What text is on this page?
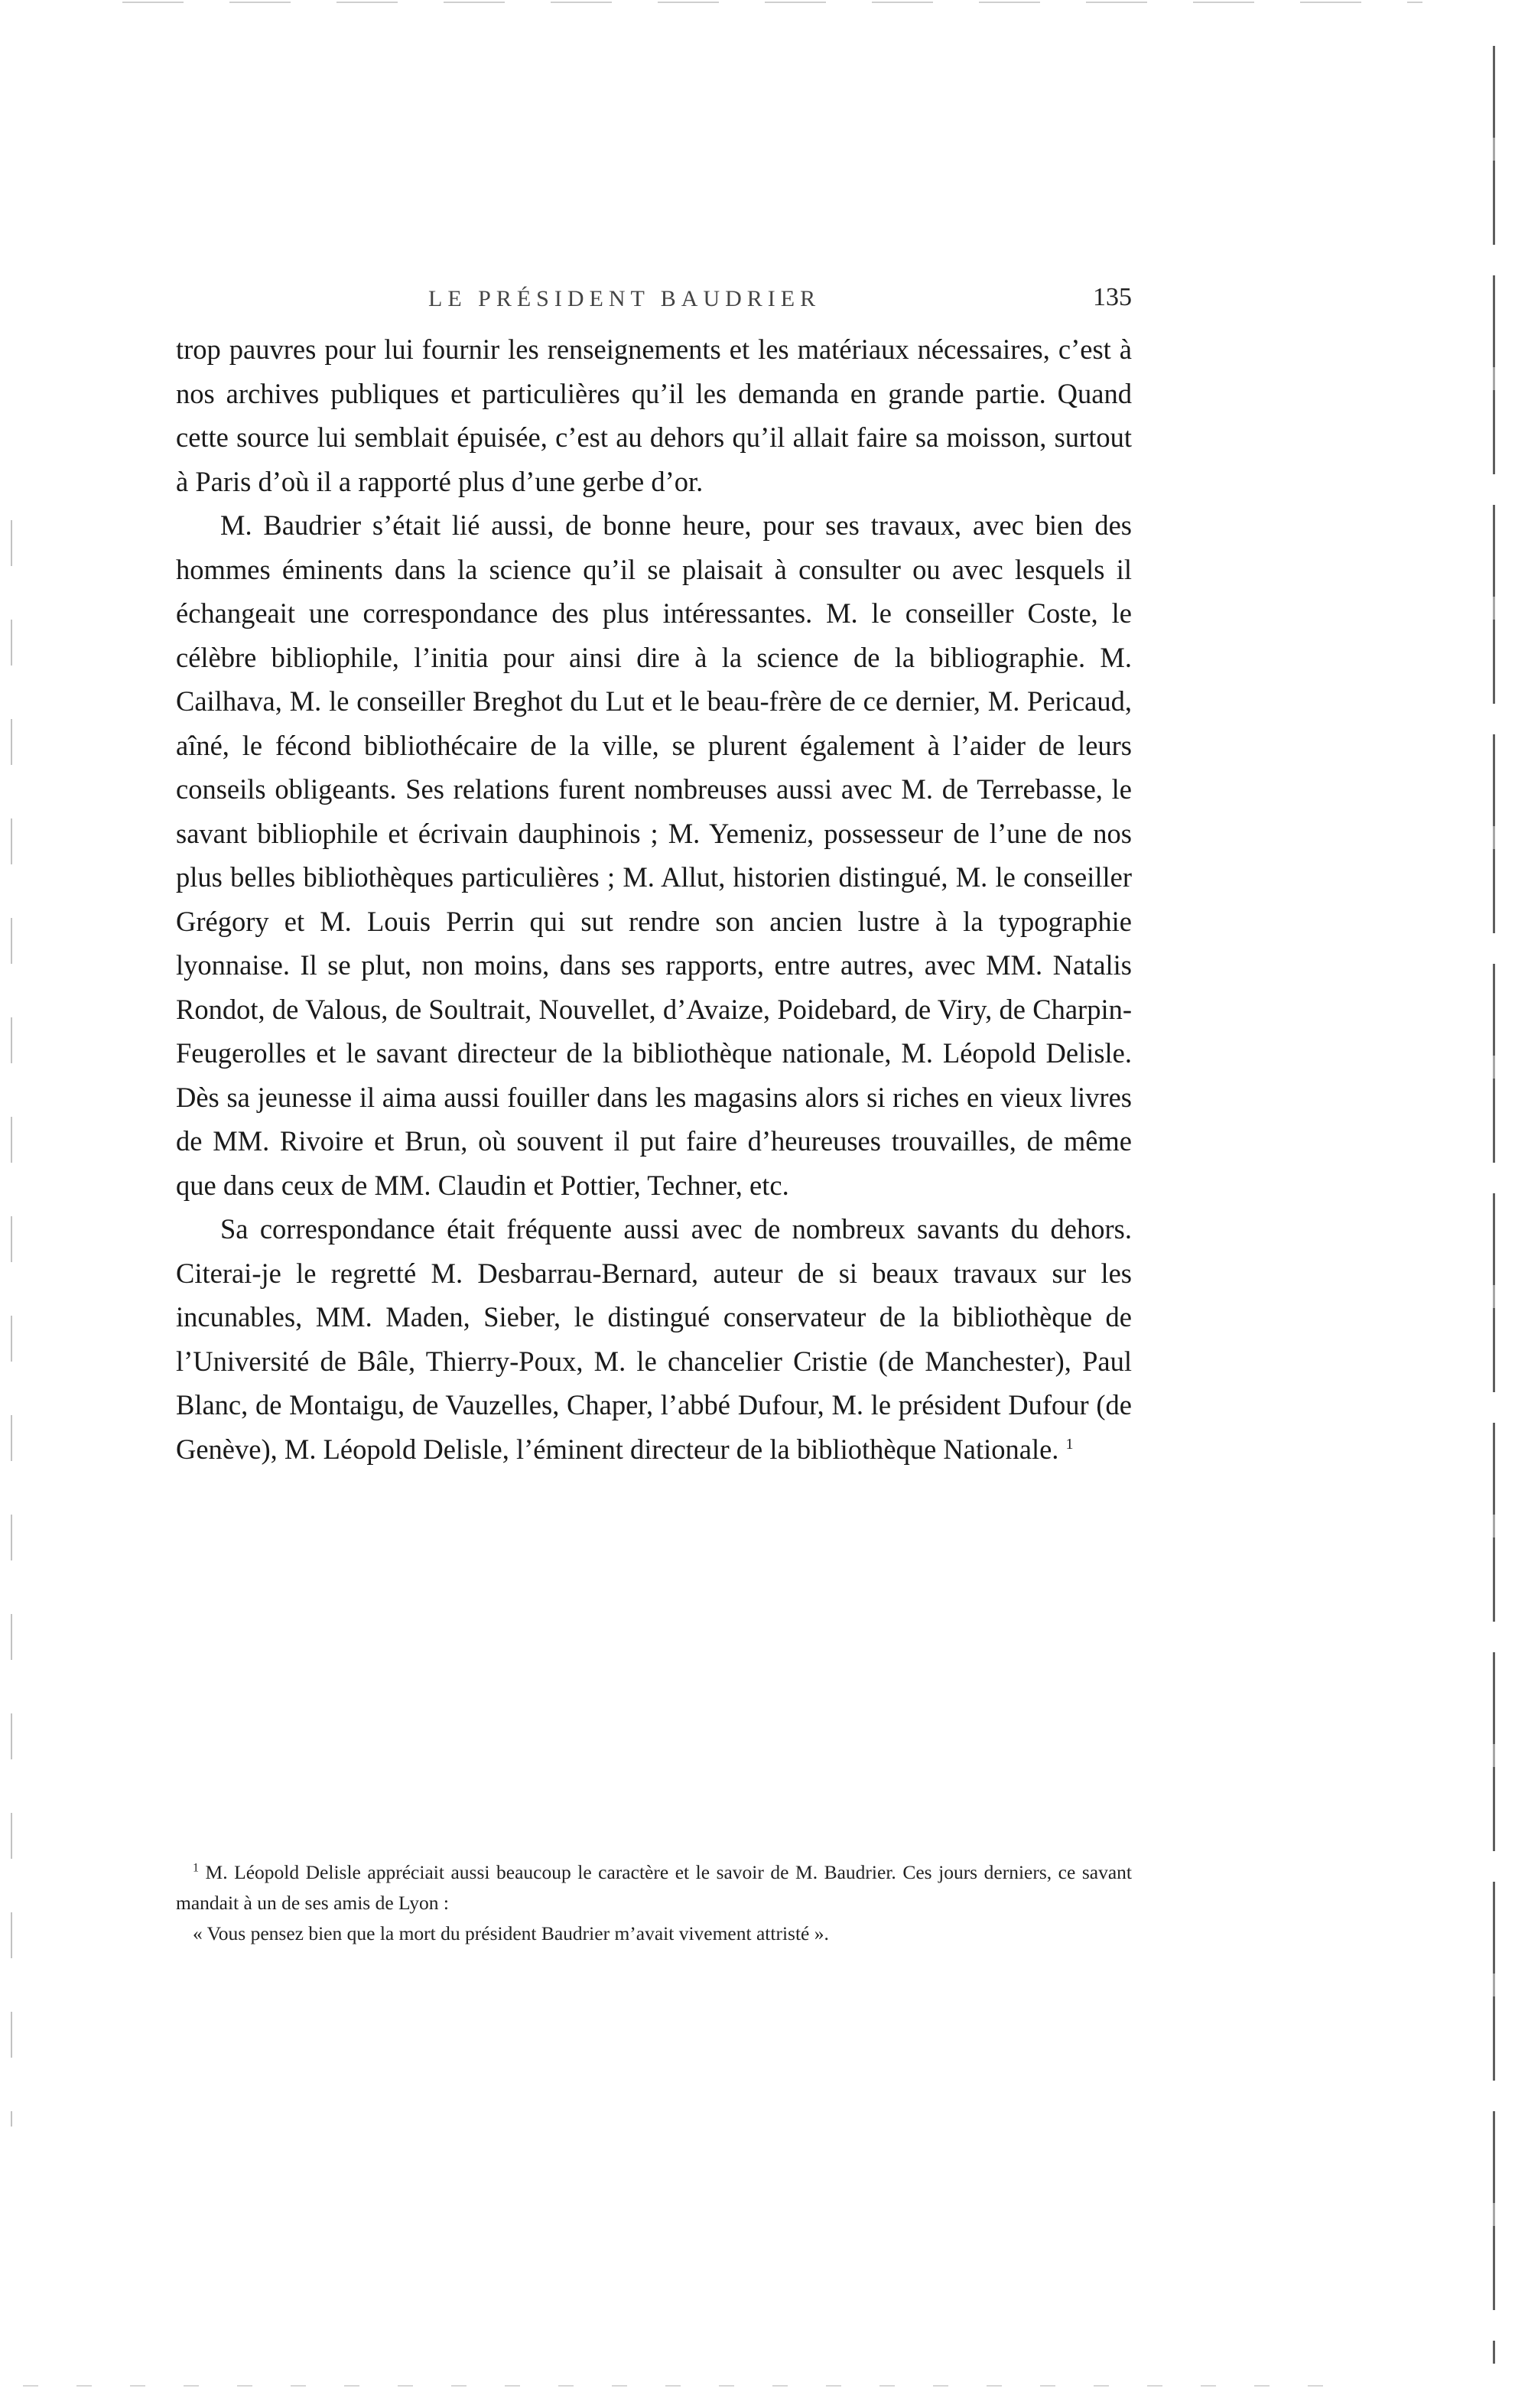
LE PRÉSIDENT BAUDRIER	135

trop pauvres pour lui fournir les renseignements et les matériaux nécessaires, c’est à nos archives publiques et particulières qu’il les demanda en grande partie. Quand cette source lui semblait épuisée, c’est au dehors qu’il allait faire sa moisson, surtout à Paris d’où il a rapporté plus d’une gerbe d’or.

M. Baudrier s’était lié aussi, de bonne heure, pour ses travaux, avec bien des hommes éminents dans la science qu’il se plaisait à consulter ou avec lesquels il échangeait une correspondance des plus intéressantes. M. le conseiller Coste, le célèbre bibliophile, l’initia pour ainsi dire à la science de la bibliographie. M. Cailhava, M. le conseiller Breghot du Lut et le beau-frère de ce dernier, M. Pericaud, aîné, le fécond bibliothécaire de la ville, se plurent également à l’aider de leurs conseils obligeants. Ses relations furent nombreuses aussi avec M. de Terrebasse, le savant bibliophile et écrivain dauphinois ; M. Yemeniz, possesseur de l’une de nos plus belles bibliothèques particulières ; M. Allut, historien distingué, M. le conseiller Grégory et M. Louis Perrin qui sut rendre son ancien lustre à la typographie lyonnaise. Il se plut, non moins, dans ses rapports, entre autres, avec MM. Natalis Rondot, de Valous, de Soultrait, Nouvellet, d’Avaize, Poidebard, de Viry, de Charpin-Feugerolles et le savant directeur de la bibliothèque nationale, M. Léopold Delisle. Dès sa jeunesse il aima aussi fouiller dans les magasins alors si riches en vieux livres de MM. Rivoire et Brun, où souvent il put faire d’heureuses trouvailles, de même que dans ceux de MM. Claudin et Pottier, Techner, etc.

Sa correspondance était fréquente aussi avec de nombreux savants du dehors. Citerai-je le regretté M. Desbarrau-Bernard, auteur de si beaux travaux sur les incunables, MM. Maden, Sieber, le distingué conservateur de la bibliothèque de l’Université de Bâle, Thierry-Poux, M. le chancelier Cristie (de Manchester), Paul Blanc, de Montaigu, de Vauzelles, Chaper, l’abbé Dufour, M. le président Dufour (de Genève), M. Léopold Delisle, l’éminent directeur de la bibliothèque Nationale. $^1$

$^1$ M. Léopold Delisle appréciait aussi beaucoup le caractère et le savoir de M. Baudrier. Ces jours derniers, ce savant mandait à un de ses amis de Lyon :

« Vous pensez bien que la mort du président Baudrier m’avait vivement attristé ».
